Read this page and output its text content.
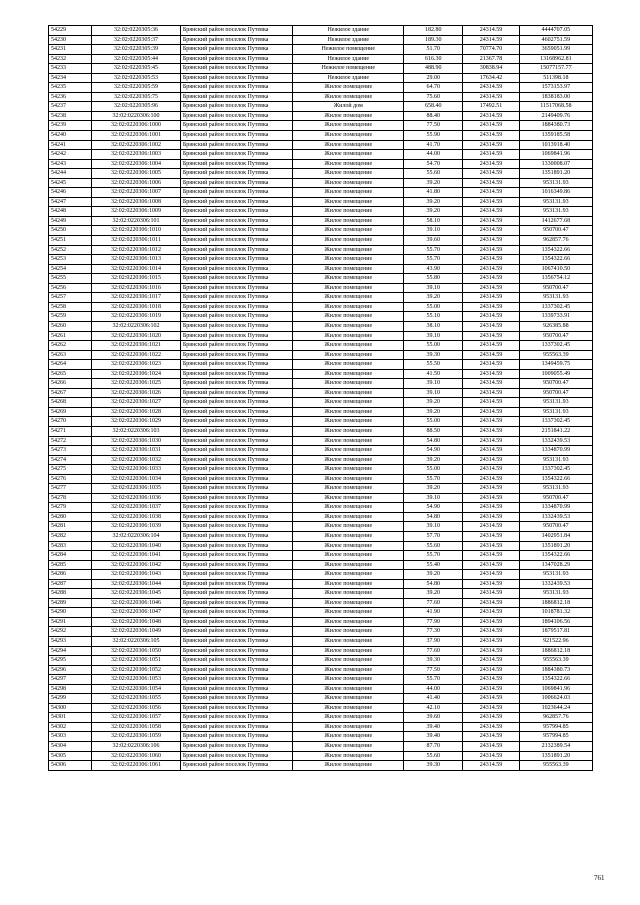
54229	32:02:0220305:36	Брянский район поселок Путевка	Нежилое здание	182.80	24314.59	4444707.05
54230	32:02:0220305:37	Брянский район поселок Путевка	Нежилое здание	189.30	24314.59	4602751.59
54231	32:02:0220305:39	Брянский район поселок Путевка	Нежилое помещение	51.70	70774.70	3659051.99
54232	32:02:0220305:44	Брянский район поселок Путевка	Нежилое здание	616.30	21367.78	13168962.81
54233	32:02:0220305:45	Брянский район поселок Путевка	Нежилое помещение	488.90	30838.94	15077157.77
54234	32:02:0220305:53	Брянский район поселок Путевка	Нежилое здание	29.00	17634.42	511398.18
54235	32:02:0220305:59	Брянский район поселок Путевка	Жилое помещение	64.70	24314.59	1573153.97
54236	32:02:0220305:75	Брянский район поселок Путевка	Жилое помещение	75.60	24314.59	1838183.00
54237	32:02:0220305:96	Брянский район поселок Путевка	Жилой дом	658.40	17492.51	11517068.58
54238	32:02:0220306:100	Брянский район поселок Путевка	Жилое помещение	88.40	24314.59	2149409.76
54239	32:02:0220306:1000	Брянский район поселок Путевка	Жилое помещение	77.50	24314.59	1884380.73
54240	32:02:0220306:1001	Брянский район поселок Путевка	Жилое помещение	55.90	24314.59	1359185.58
54241	32:02:0220306:1002	Брянский район поселок Путевка	Жилое помещение	41.70	24314.59	1013918.40
54242	32:02:0220306:1003	Брянский район поселок Путевка	Жилое помещение	44.00	24314.59	1069841.96
54243	32:02:0220306:1004	Брянский район поселок Путевка	Жилое помещение	54.70	24314.59	1330008.07
54244	32:02:0220306:1005	Брянский район поселок Путевка	Жилое помещение	55.60	24314.59	1351891.20
54245	32:02:0220306:1006	Брянский район поселок Путевка	Жилое помещение	39.20	24314.59	953131.93
54246	32:02:0220306:1007	Брянский район поселок Путевка	Жилое помещение	41.80	24314.59	1016349.86
54247	32:02:0220306:1008	Брянский район поселок Путевка	Жилое помещение	39.20	24314.59	953131.93
54248	32:02:0220306:1009	Брянский район поселок Путевка	Жилое помещение	39.20	24314.59	953131.93
54249	32:02:0220306:101	Брянский район поселок Путевка	Жилое помещение	58.10	24314.59	1412677.68
54250	32:02:0220306:1010	Брянский район поселок Путевка	Жилое помещение	39.10	24314.59	950700.47
54251	32:02:0220306:1011	Брянский район поселок Путевка	Жилое помещение	39.60	24314.59	962857.76
54252	32:02:0220306:1012	Брянский район поселок Путевка	Жилое помещение	55.70	24314.59	1354322.66
54253	32:02:0220306:1013	Брянский район поселок Путевка	Жилое помещение	55.70	24314.59	1354322.66
54254	32:02:0220306:1014	Брянский район поселок Путевка	Жилое помещение	43.90	24314.59	1067410.50
54255	32:02:0220306:1015	Брянский район поселок Путевка	Жилое помещение	55.80	24314.59	1356754.12
54256	32:02:0220306:1016	Брянский район поселок Путевка	Жилое помещение	39.10	24314.59	950700.47
54257	32:02:0220306:1017	Брянский район поселок Путевка	Жилое помещение	39.20	24314.59	953131.93
54258	32:02:0220306:1018	Брянский район поселок Путевка	Жилое помещение	55.00	24314.59	1337302.45
54259	32:02:0220306:1019	Брянский район поселок Путевка	Жилое помещение	55.10	24314.59	1339733.91
54260	32:02:0220306:102	Брянский район поселок Путевка	Жилое помещение	38.10	24314.59	926385.88
54261	32:02:0220306:1020	Брянский район поселок Путевка	Жилое помещение	39.10	24314.59	950700.47
54262	32:02:0220306:1021	Брянский район поселок Путевка	Жилое помещение	55.00	24314.59	1337302.45
54263	32:02:0220306:1022	Брянский район поселок Путевка	Жилое помещение	39.30	24314.59	955563.39
54264	32:02:0220306:1023	Брянский район поселок Путевка	Жилое помещение	55.50	24314.59	1349459.75
54265	32:02:0220306:1024	Брянский район поселок Путевка	Жилое помещение	41.50	24314.59	1009055.49
54266	32:02:0220306:1025	Брянский район поселок Путевка	Жилое помещение	39.10	24314.59	950700.47
54267	32:02:0220306:1026	Брянский район поселок Путевка	Жилое помещение	39.10	24314.59	950700.47
54268	32:02:0220306:1027	Брянский район поселок Путевка	Жилое помещение	39.20	24314.59	953131.93
54269	32:02:0220306:1028	Брянский район поселок Путевка	Жилое помещение	39.20	24314.59	953131.93
54270	32:02:0220306:1029	Брянский район поселок Путевка	Жилое помещение	55.00	24314.59	1337302.45
54271	32:02:0220306:103	Брянский район поселок Путевка	Жилое помещение	88.50	24314.59	2151841.22
54272	32:02:0220306:1030	Брянский район поселок Путевка	Жилое помещение	54.80	24314.59	1332439.53
54273	32:02:0220306:1031	Брянский район поселок Путевка	Жилое помещение	54.90	24314.59	1334870.99
54274	32:02:0220306:1032	Брянский район поселок Путевка	Жилое помещение	39.20	24314.59	953131.93
54275	32:02:0220306:1033	Брянский район поселок Путевка	Жилое помещение	55.00	24314.59	1337302.45
54276	32:02:0220306:1034	Брянский район поселок Путевка	Жилое помещение	55.70	24314.59	1354322.66
54277	32:02:0220306:1035	Брянский район поселок Путевка	Жилое помещение	39.20	24314.59	953131.93
54278	32:02:0220306:1036	Брянский район поселок Путевка	Жилое помещение	39.10	24314.59	950700.47
54279	32:02:0220306:1037	Брянский район поселок Путевка	Жилое помещение	54.90	24314.59	1334870.99
54280	32:02:0220306:1038	Брянский район поселок Путевка	Жилое помещение	54.80	24314.59	1332439.53
54281	32:02:0220306:1039	Брянский район поселок Путевка	Жилое помещение	39.10	24314.59	950700.47
54282	32:02:0220306:104	Брянский район поселок Путевка	Жилое помещение	57.70	24314.59	1402951.84
54283	32:02:0220306:1040	Брянский район поселок Путевка	Жилое помещение	55.60	24314.59	1351891.20
54284	32:02:0220306:1041	Брянский район поселок Путевка	Жилое помещение	55.70	24314.59	1354322.66
54285	32:02:0220306:1042	Брянский район поселок Путевка	Жилое помещение	55.40	24314.59	1347028.29
54286	32:02:0220306:1043	Брянский район поселок Путевка	Жилое помещение	39.20	24314.59	953131.93
54287	32:02:0220306:1044	Брянский район поселок Путевка	Жилое помещение	54.80	24314.59	1332439.53
54288	32:02:0220306:1045	Брянский район поселок Путевка	Жилое помещение	39.20	24314.59	953131.93
54289	32:02:0220306:1046	Брянский район поселок Путевка	Жилое помещение	77.60	24314.59	1886812.18
54290	32:02:0220306:1047	Брянский район поселок Путевка	Жилое помещение	41.90	24314.59	1018781.32
54291	32:02:0220306:1048	Брянский район поселок Путевка	Жилое помещение	77.90	24314.59	1894106.56
54292	32:02:0220306:1049	Брянский район поселок Путевка	Жилое помещение	77.30	24314.59	1879517.81
54293	32:02:0220306:105	Брянский район поселок Путевка	Жилое помещение	37.90	24314.59	921522.96
54294	32:02:0220306:1050	Брянский район поселок Путевка	Жилое помещение	77.60	24314.59	1886812.18
54295	32:02:0220306:1051	Брянский район поселок Путевка	Жилое помещение	39.30	24314.59	955563.39
54296	32:02:0220306:1052	Брянский район поселок Путевка	Жилое помещение	77.50	24314.59	1884380.73
54297	32:02:0220306:1053	Брянский район поселок Путевка	Жилое помещение	55.70	24314.59	1354322.66
54298	32:02:0220306:1054	Брянский район поселок Путевка	Жилое помещение	44.00	24314.59	1069841.96
54299	32:02:0220306:1055	Брянский район поселок Путевка	Жилое помещение	41.40	24314.59	1006624.03
54300	32:02:0220306:1056	Брянский район поселок Путевка	Жилое помещение	42.10	24314.59	1023644.24
54301	32:02:0220306:1057	Брянский район поселок Путевка	Жилое помещение	39.60	24314.59	962857.76
54302	32:02:0220306:1058	Брянский район поселок Путевка	Жилое помещение	39.40	24314.59	957994.85
54303	32:02:0220306:1059	Брянский район поселок Путевка	Жилое помещение	39.40	24314.59	957994.85
54304	32:02:0220306:106	Брянский район поселок Путевка	Жилое помещение	87.70	24314.59	2132389.54
54305	32:02:0220306:1060	Брянский район поселок Путевка	Жилое помещение	55.60	24314.59	1351891.20
54306	32:02:0220306:1061	Брянский район поселок Путевка	Жилое помещение	39.30	24314.59	955563.39
761
